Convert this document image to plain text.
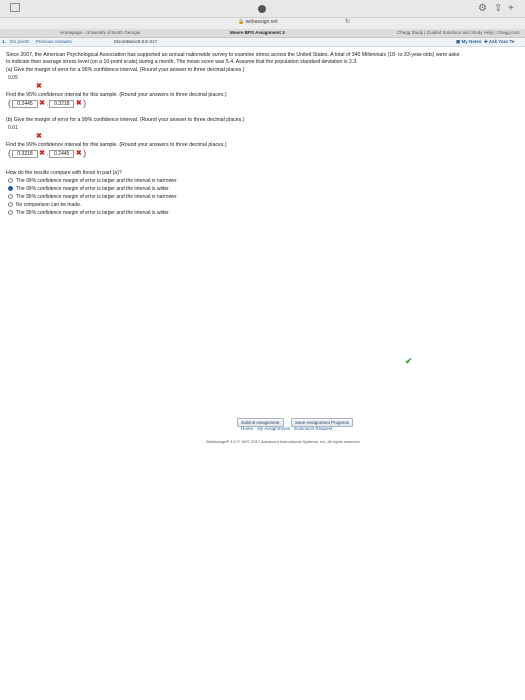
⚙ ⇪ +
🔒 webassign.net	↻
Homepage - University of North Georgia	Moore BPS Assignment 3	Chegg Study | Guided Solutions and Study Help | Chegg.com
1. 0/1 points Previous Answers	MooreBasic8 8.E.017	▣ My Notes ✚ Ask Your Te
Since 2007, the American Psychological Association has supported an annual nationwide survey to examine stress across the United States. A total of 340 Millennials (18- to 33-year-olds) were aske
to indicate their average stress level (on a 10-point scale) during a month. The mean score was 5.4. Assume that the population standard deviation is 2.3.
(a) Give the margin of error for a 95% confidence interval. (Round your answer to three decimal places.)
0.05
✖
Find the 95% confidence interval for this sample. (Round your answers to three decimal places.)
( 0.2445 ✖ , 0.3218 ✖ )
(b) Give the margin of error for a 99% confidence interval. (Round your answer to three decimal places.)
0.01
✖
Find the 99% confidence interval for this sample. (Round your answers to three decimal places.)
( 0.3218 ✖ , 0.2445 ✖ )
How do the results compare with those in part (a)?
The 99% confidence margin of error is larger and the interval is narrower.
The 99% confidence margin of error is larger and the interval is wider.
The 95% confidence margin of error is larger and the interval is narrower.
No comparison can be made.
The 95% confidence margin of error is larger and the interval is wider.
✔
Submit Assignment	Save Assignment Progress
Home My Assignments Extension Request
WebAssign® 4.0 © 1997-2017 Advanced Instructional Systems, Inc. All rights reserved.
